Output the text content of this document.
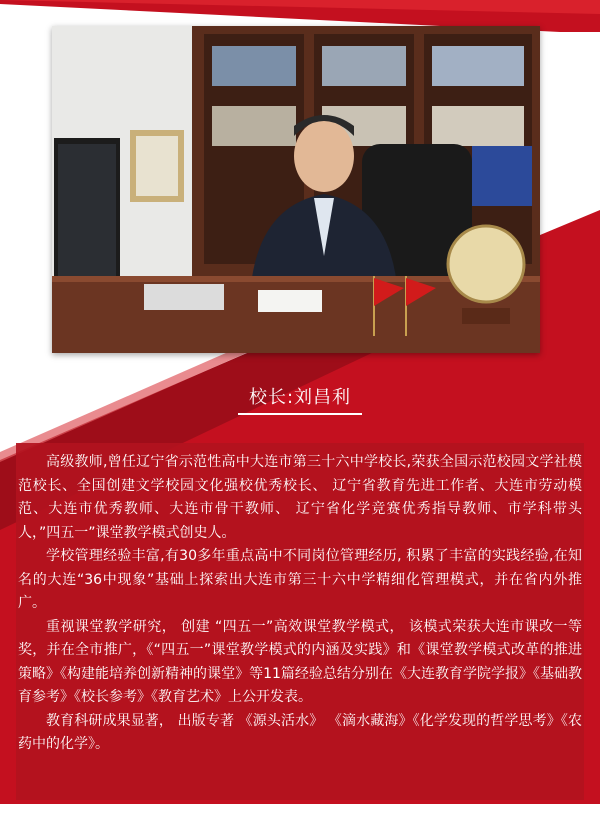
校长:刘昌利

高级教师,曾任辽宁省示范性高中大连市第三十六中学校长,荣获全国示范校园文学社模范校长、全国创建文学校园文化强校优秀校长、 辽宁省教育先进工作者、大连市劳动模范、大连市优秀教师、大连市骨干教师、 辽宁省化学竞赛优秀指导教师、市学科带头人，”四五一”课堂教学模式创史人。

学校管理经验丰富,有30多年重点高中不同岗位管理经历, 积累了丰富的实践经验,在知名的大连“36中现象”基础上探索出大连市第三十六中学精细化管理模式，并在省内外推广。

重视课堂教学研究， 创建 “四五一”高效课堂教学模式， 该模式荣获大连市课改一等奖，并在全市推广，《“四五一”课堂教学模式的内涵及实践》和《课堂教学模式改革的推进策略》《构建能培养创新精神的课堂》等11篇经验总结分别在《大连教育学院学报》《基础教育参考》《校长参考》《教育艺术》上公开发表。

教育科研成果显著， 出版专著 《源头活水》 《滴水藏海》《化学发现的哲学思考》《农药中的化学》。
